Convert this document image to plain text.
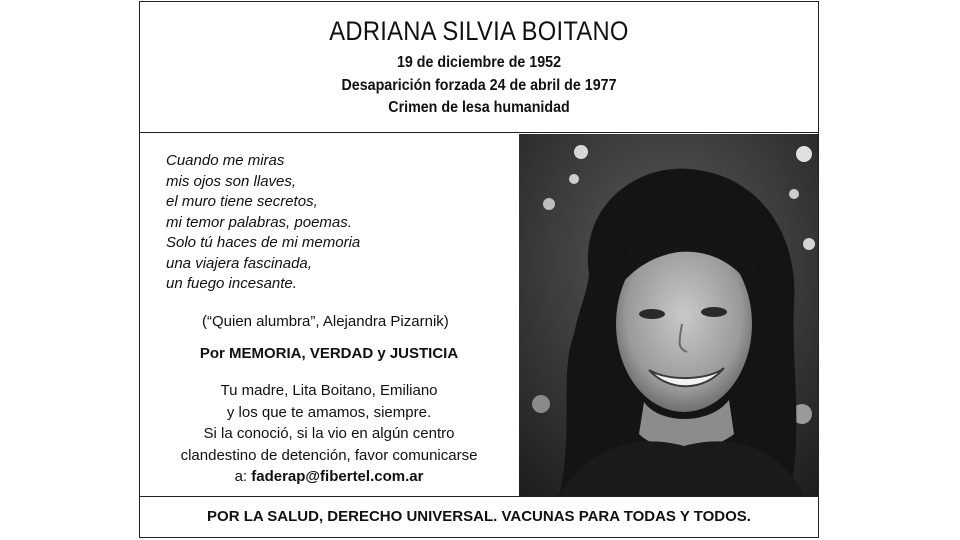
ADRIANA SILVIA BOITANO
19 de diciembre de 1952
Desaparición forzada 24 de abril de 1977
Crimen de lesa humanidad
Cuando me miras
mis ojos son llaves,
el muro tiene secretos,
mi temor palabras, poemas.
Solo tú haces de mi memoria
una viajera fascinada,
un fuego incesante.
(“Quien alumbra”, Alejandra Pizarnik)
Por MEMORIA, VERDAD y JUSTICIA
Tu madre, Lita Boitano, Emiliano
y los que te amamos, siempre.
Si la conoció, si la vio en algún centro
clandestino de detención, favor comunicarse
a: faderap@fibertel.com.ar
POR LA SALUD, DERECHO UNIVERSAL. VACUNAS PARA TODAS Y TODOS.
